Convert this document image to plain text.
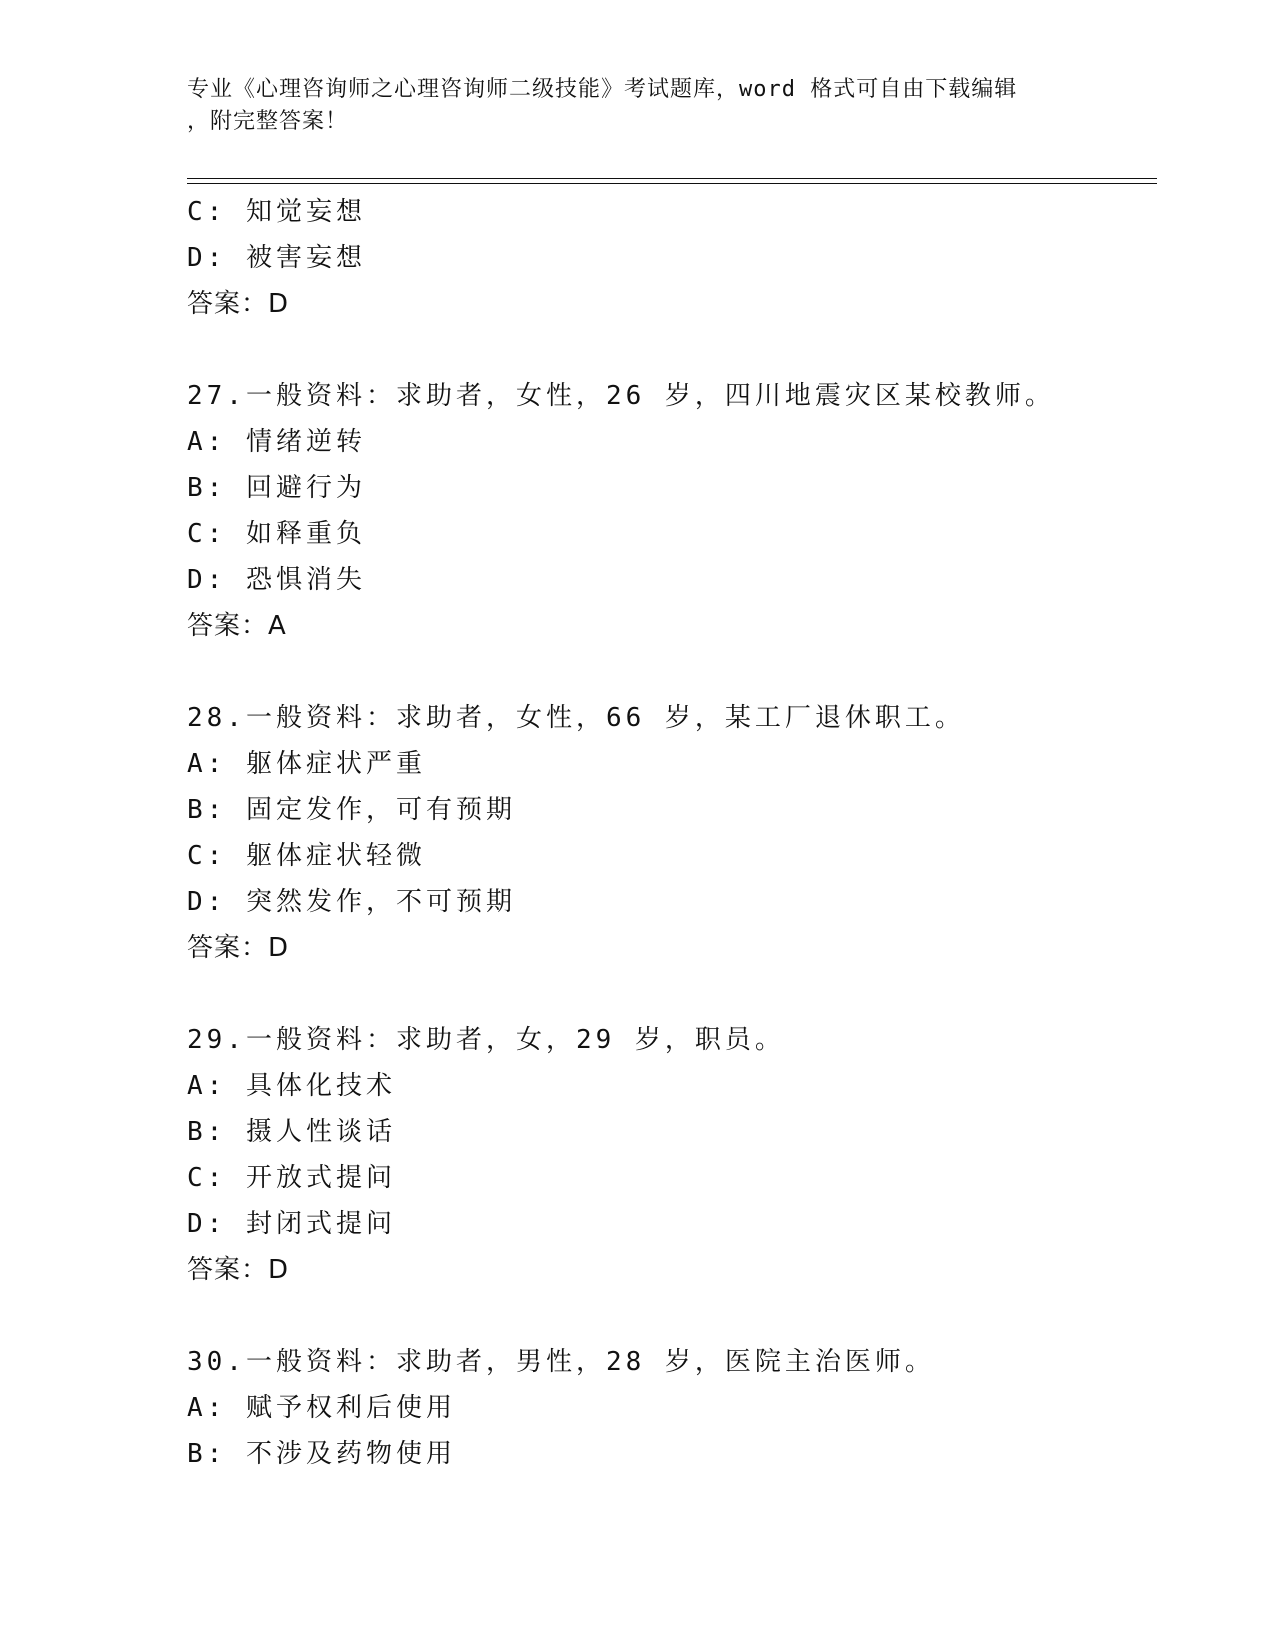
专业《心理咨询师之心理咨询师二级技能》考试题库，word 格式可自由下载编辑
，附完整答案！
C: 知觉妄想
D: 被害妄想
答案：D
27.一般资料：求助者，女性，26 岁，四川地震灾区某校教师。
A: 情绪逆转
B: 回避行为
C: 如释重负
D: 恐惧消失
答案：A
28.一般资料：求助者，女性，66 岁，某工厂退休职工。
A: 躯体症状严重
B: 固定发作，可有预期
C: 躯体症状轻微
D: 突然发作，不可预期
答案：D
29.一般资料：求助者，女，29 岁，职员。
A: 具体化技术
B: 摄人性谈话
C: 开放式提问
D: 封闭式提问
答案：D
30.一般资料：求助者，男性，28 岁，医院主治医师。
A: 赋予权利后使用
B: 不涉及药物使用
